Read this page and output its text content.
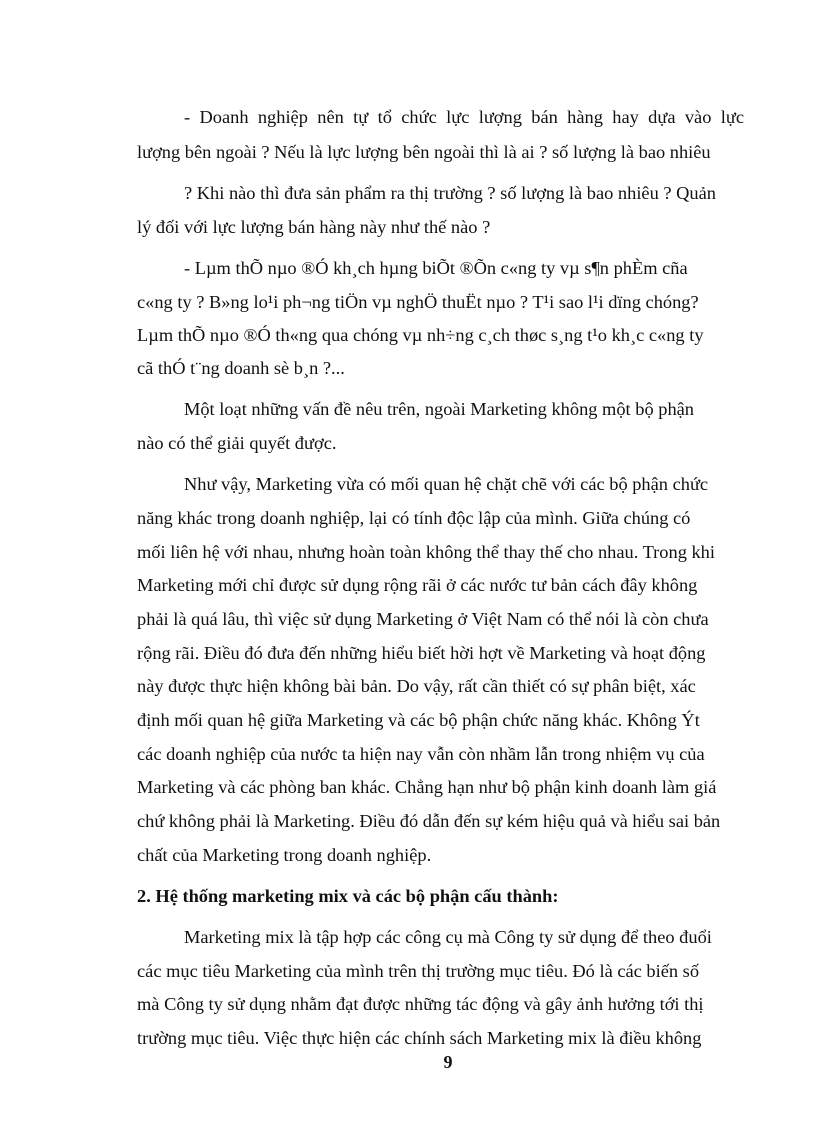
- Doanh nghiệp nên tự tổ chức lực lượng bán hàng hay dựa vào lực

lượng bên ngoài ? Nếu là lực lượng bên ngoài thì là ai ? số lượng là bao nhiêu

? Khi nào thì đưa sản phẩm ra thị trường ? số lượng là bao nhiêu ? Quản

lý đối với lực lượng bán hàng này như thế nào ?

- Lµm thÕ nµo ®Ó kh¸ch hµng biÕt ®Õn c«ng ty vµ s¶n phÈm cña

c«ng ty ? B»ng lo¹i ph¬ng tiÖn vµ nghÖ thuËt nµo ? T¹i sao l¹i dïng chóng?

Lµm thÕ nµo ®Ó th«ng qua chóng vµ nh÷ng c¸ch thøc s¸ng t¹o kh¸c c«ng ty

cã thÓ t¨ng doanh sè b¸n ?...

Một loạt những vấn đề nêu trên, ngoài Marketing không một bộ phận

nào có thể giải quyết được.

Như vậy, Marketing vừa có mối quan hệ chặt chẽ với các bộ phận chức

năng khác trong doanh nghiệp, lại có tính độc lập của mình. Giữa chúng có

mối liên hệ với nhau, nhưng hoàn toàn không thể thay thế cho nhau. Trong khi

Marketing mới chỉ được sử dụng rộng rãi ở các nước tư bản cách đây không

phải là quá lâu, thì việc sử dụng Marketing ở Việt Nam có thể nói là còn chưa

rộng rãi. Điều đó đưa đến những hiểu biết hời hợt về Marketing và hoạt động

này được thực hiện không bài bản. Do vậy, rất cần thiết có sự phân biệt, xác

định mối quan hệ giữa Marketing và các bộ phận chức năng khác. Không Ýt

các doanh nghiệp của nước ta hiện nay vẫn còn nhầm lẫn trong nhiệm vụ của

Marketing và các phòng ban khác. Chẳng hạn như bộ phận kinh doanh làm giá

chứ không phải là Marketing. Điều đó dẫn đến sự kém hiệu quả và hiểu sai bản

chất của Marketing trong doanh nghiệp.

2. Hệ thống marketing mix và các bộ phận cấu thành:

Marketing mix là tập hợp các công cụ mà Công ty sử dụng để theo đuổi

các mục tiêu Marketing của mình trên thị trường mục tiêu. Đó là các biến số

mà Công ty sử dụng nhằm đạt được những tác động và gây ảnh hưởng tới thị

trường mục tiêu. Việc thực hiện các chính sách Marketing mix là điều không

9
